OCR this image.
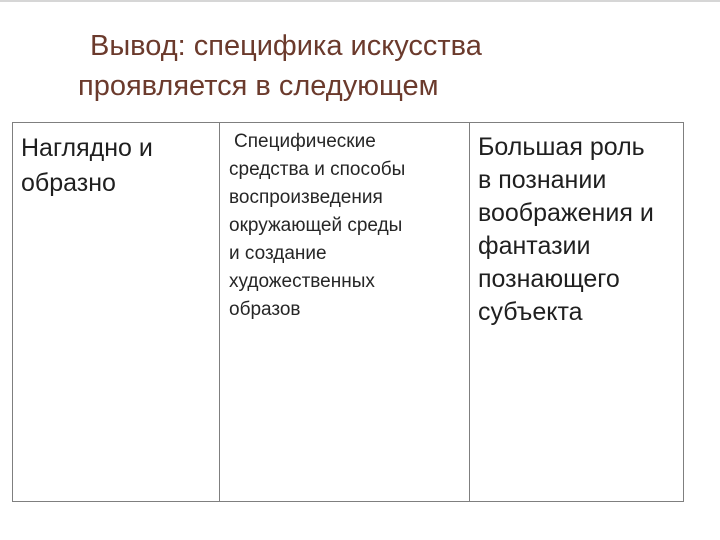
Вывод: специфика искусства
проявляется в следующем
Наглядно и
образно

Специфические
средства и способы
воспроизведения
окружающей среды
и создание
художественных
образов

Большая роль
в познании
воображения и
фантазии
познающего
субъекта
